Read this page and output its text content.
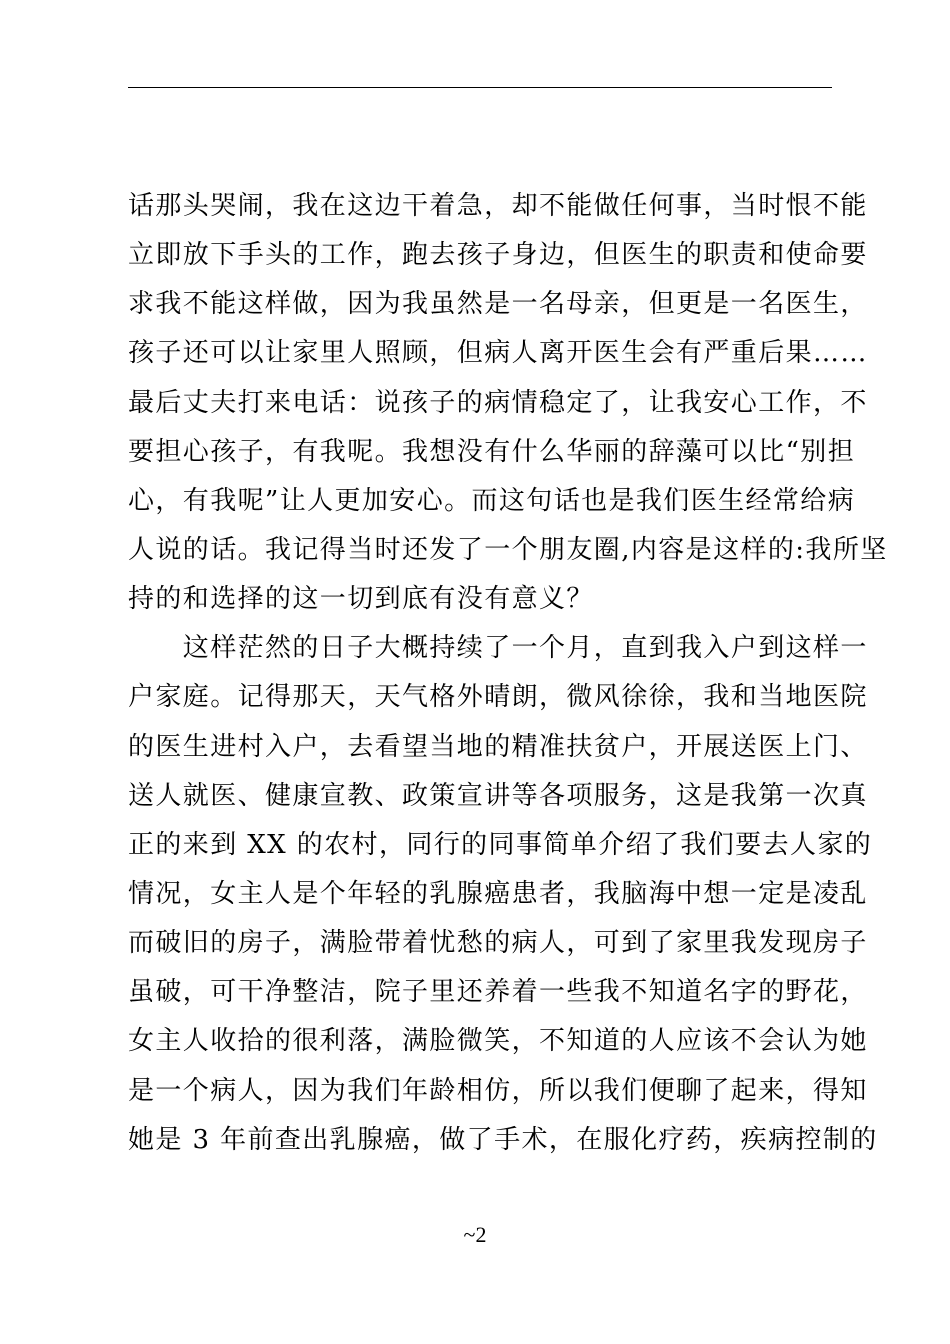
话那头哭闹，我在这边干着急，却不能做任何事，当时恨不能
立即放下手头的工作，跑去孩子身边，但医生的职责和使命要
求我不能这样做，因为我虽然是一名母亲，但更是一名医生，
孩子还可以让家里人照顾，但病人离开医生会有严重后果……
最后丈夫打来电话：说孩子的病情稳定了，让我安心工作，不
要担心孩子，有我呢。我想没有什么华丽的辞藻可以比“别担
心，有我呢”让人更加安心。而这句话也是我们医生经常给病
人说的话。我记得当时还发了一个朋友圈,内容是这样的:我所坚
持的和选择的这一切到底有没有意义？
　　这样茫然的日子大概持续了一个月，直到我入户到这样一
户家庭。记得那天，天气格外晴朗，微风徐徐，我和当地医院
的医生进村入户，去看望当地的精准扶贫户，开展送医上门、
送人就医、健康宣教、政策宣讲等各项服务，这是我第一次真
正的来到 XX 的农村，同行的同事简单介绍了我们要去人家的
情况，女主人是个年轻的乳腺癌患者，我脑海中想一定是凌乱
而破旧的房子，满脸带着忧愁的病人，可到了家里我发现房子
虽破，可干净整洁，院子里还养着一些我不知道名字的野花，
女主人收拾的很利落，满脸微笑，不知道的人应该不会认为她
是一个病人，因为我们年龄相仿，所以我们便聊了起来，得知
她是 3 年前查出乳腺癌，做了手术，在服化疗药，疾病控制的
~2
